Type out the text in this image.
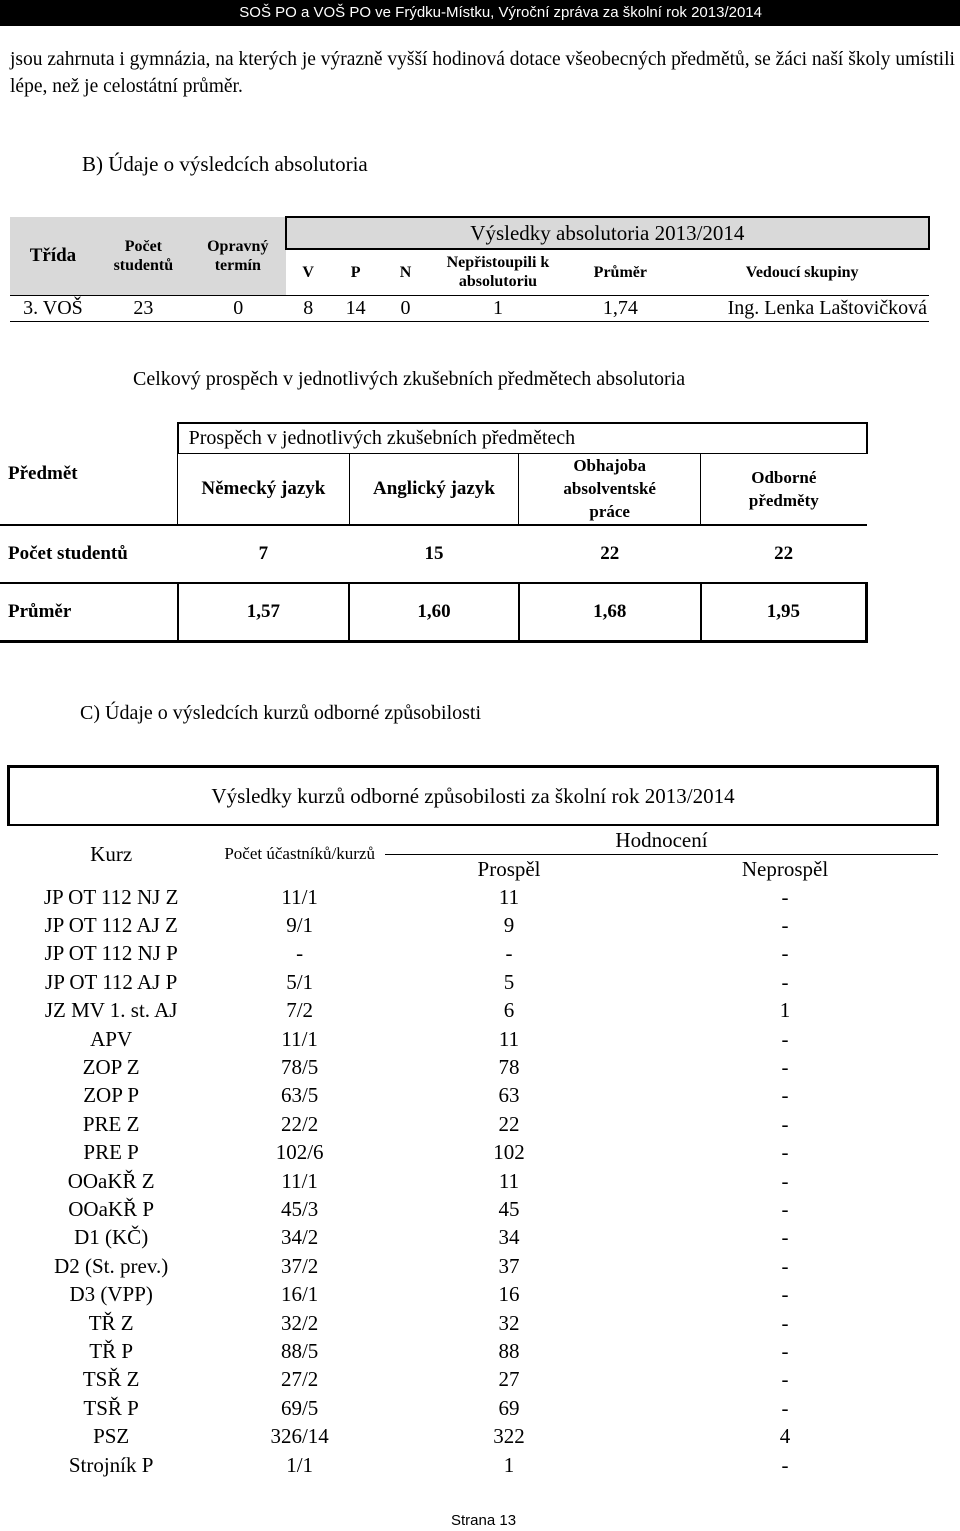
SOŠ PO a VOŠ PO ve Frýdku-Místku, Výroční zpráva za školní rok 2013/2014
jsou zahrnuta i gymnázia, na kterých je výrazně vyšší hodinová dotace všeobecných předmětů, se žáci naší školy umístili lépe, než je celostátní průměr.
B) Údaje o výsledcích absolutoria
Třída	Počet studentů	Opravný termín	Výsledky absolutoria 2013/2014					
			V	P	N	Nepřistoupili k absolutoriu	Průměr	Vedoucí skupiny
3. VOŠ	23	0	8	14	0	1	1,74	Ing. Lenka Laštovičková
Celkový prospěch v jednotlivých zkušebních předmětech absolutoria
Předmět	Prospěch v jednotlivých zkušebních předmětech			
	Německý jazyk	Anglický jazyk	Obhajoba absolventské práce	Odborné předměty
Počet studentů	7	15	22	22
Průměr	1,57	1,60	1,68	1,95
C) Údaje o výsledcích kurzů odborné způsobilosti
Výsledky kurzů odborné způsobilosti za školní rok 2013/2014			
Kurz	Počet účastníků/kurzů	Hodnocení	
		Prospěl	Neprospěl
JP OT 112 NJ Z	11/1	11	-
JP OT 112 AJ Z	9/1	9	-
JP OT 112 NJ P	-	-	-
JP OT 112 AJ P	5/1	5	-
JZ MV 1. st. AJ	7/2	6	1
APV	11/1	11	-
ZOP Z	78/5	78	-
ZOP P	63/5	63	-
PRE Z	22/2	22	-
PRE P	102/6	102	-
OOaKŘ Z	11/1	11	-
OOaKŘ P	45/3	45	-
D1 (KČ)	34/2	34	-
D2 (St. prev.)	37/2	37	-
D3 (VPP)	16/1	16	-
TŘ Z	32/2	32	-
TŘ P	88/5	88	-
TSŘ Z	27/2	27	-
TSŘ P	69/5	69	-
PSZ	326/14	322	4
Strojník P	1/1	1	-
Strana 13
